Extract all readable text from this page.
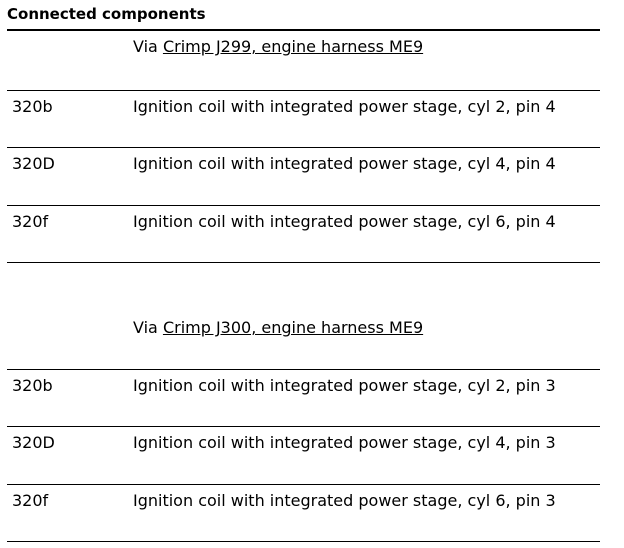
Connected components
Via Crimp J299, engine harness ME9
320b	Ignition coil with integrated power stage, cyl 2, pin 4
320D	Ignition coil with integrated power stage, cyl 4, pin 4
320f	Ignition coil with integrated power stage, cyl 6, pin 4
Via Crimp J300, engine harness ME9
320b	Ignition coil with integrated power stage, cyl 2, pin 3
320D	Ignition coil with integrated power stage, cyl 4, pin 3
320f	Ignition coil with integrated power stage, cyl 6, pin 3
